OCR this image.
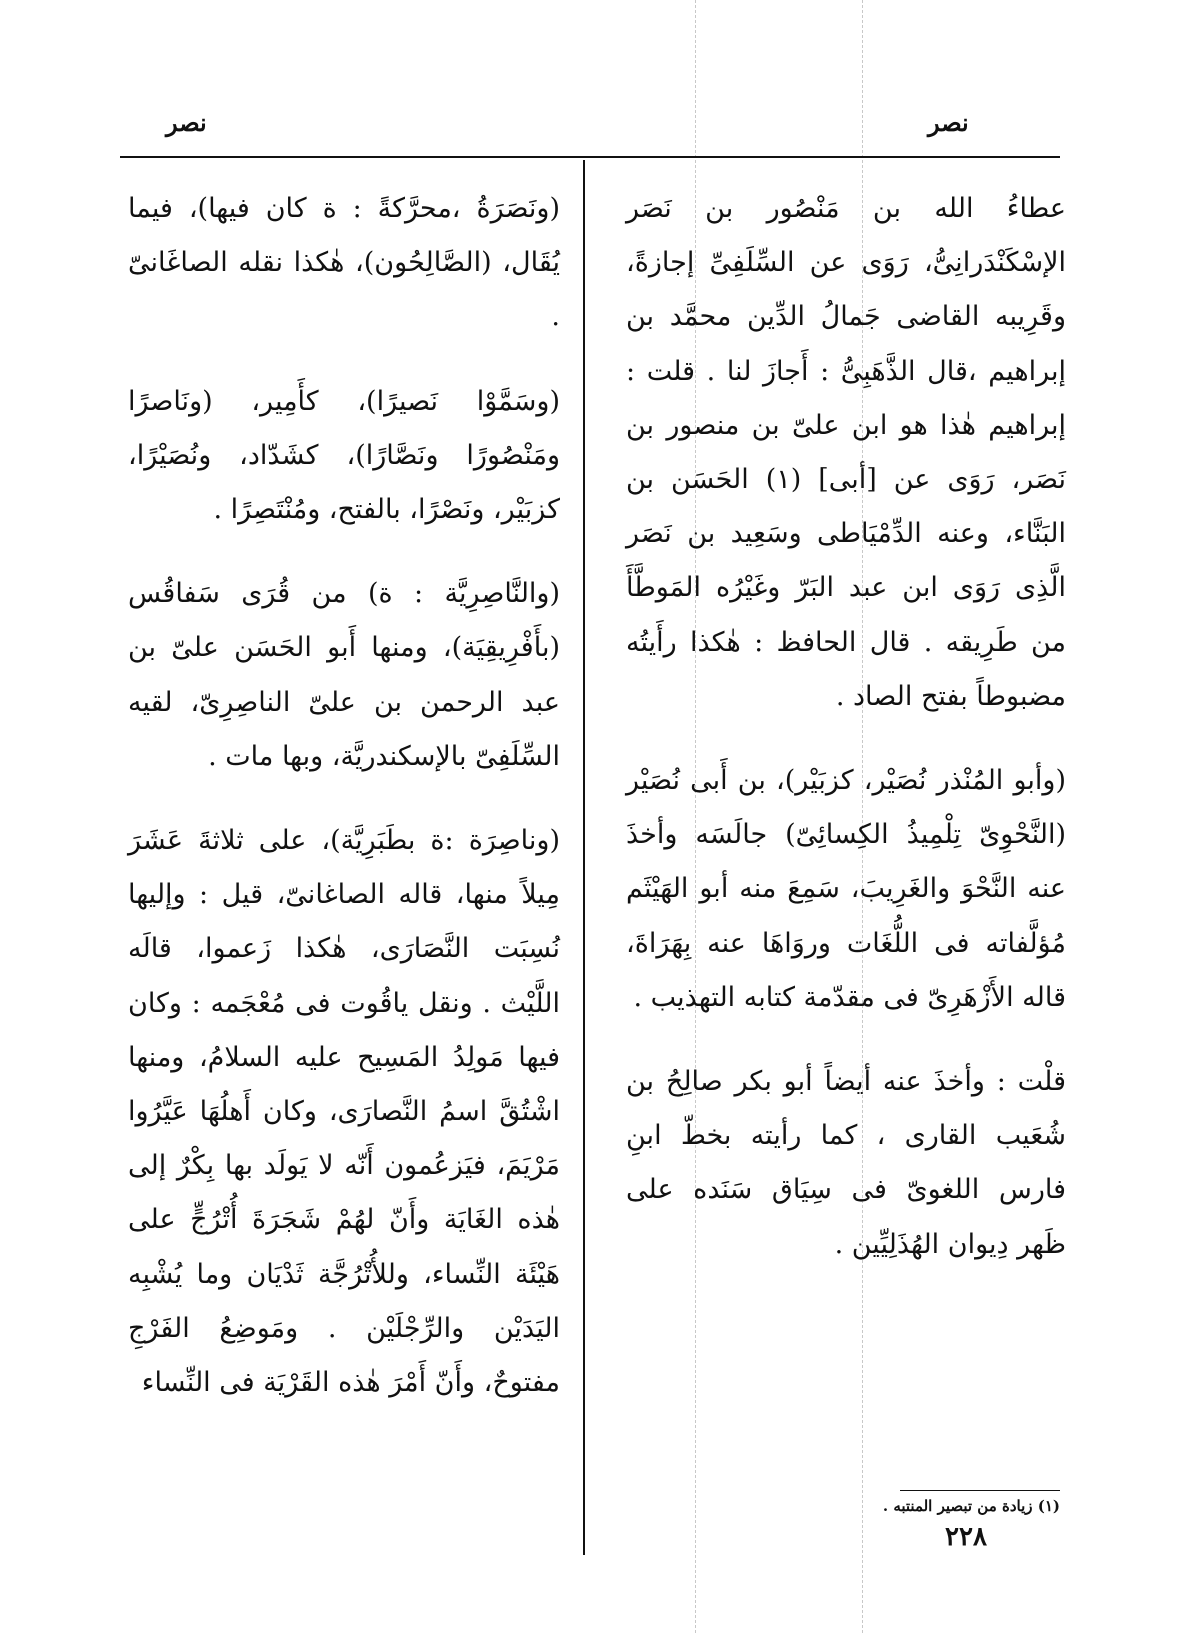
نصر
نصر

عطاءُ الله بن مَنْصُور بن نَصَر الإسْكَنْدَرانِىُّ، رَوَى عن السِّلَفِىِّ إجازةً، وقَرِيبه القاضى جَمالُ الدِّين محمَّد بن إبراهيم ،قال الذَّهَبِىُّ : أَجازَ لنا . قلت : إبراهيم هٰذا هو ابن علىّ بن منصور بن نَصَر، رَوَى عن [أبى] (١) الحَسَن بن البَنَّاء، وعنه الدِّمْيَاطى وسَعِيد بن نَصَر الَّذِى رَوَى ابن عبد البَرّ وغَيْرُه المَوطَّأَ من طَرِيقه . قال الحافظ : هٰكذا رأَيتُه مضبوطاً بفتح الصاد .

(وأبو المُنْذر نُصَيْر، كزبَيْر)، بن أَبى نُصَيْر (النَّحْوِىّ تِلْمِيذُ الكِسائِىّ) جالَسَه وأخذَ عنه النَّحْوَ والغَرِيبَ، سَمِعَ منه أبو الهَيْثَم مُؤلَّفاته فى اللُّغَات وروَاهَا عنه بِهَرَاةَ، قاله الأَزْهَرِىّ فى مقدّمة كتابه التهذيب .

قلْت : وأخذَ عنه أيضاً أبو بكر صالِحُ بن شُعَيب القارى ، كما رأيته بخطّ ابنِ فارس اللغوىّ فى سِيَاق سَنَده على ظَهر دِيوان الهُذَلِيِّين .

(ونَصَرَةُ ،محرَّكةً : ة كان فيها)، فيما يُقَال، (الصَّالِحُون)، هٰكذا نقله الصاغَانىّ .

(وسَمَّوْا نَصيرًا)، كأَمِير، (ونَاصرًا ومَنْصُورًا ونَصَّارًا)، كشَدّاد، ونُصَيْرًا، كزبَيْر، ونَصْرًا، بالفتح، ومُنْتَصِرًا .

(والنَّاصِرِيَّة : ة) من قُرَى سَفاقُس (بأَفْرِيقِيَة)، ومنها أَبو الحَسَن علىّ بن عبد الرحمن بن علىّ الناصِرِىّ، لقيه السِّلَفِىّ بالإسكندريَّة، وبها مات .

(وناصِرَة :ة بطَبَرِيَّة)، على ثلاثةَ عَشَرَ مِيلاً منها، قاله الصاغانىّ، قيل : وإليها نُسِبَت النَّصَارَى، هٰكذا زَعموا، قالَه اللَّيْث . ونقل ياقُوت فى مُعْجَمه : وكان فيها مَولِدُ المَسِيح عليه السلامُ، ومنها اشْتُقَّ اسمُ النَّصارَى، وكان أَهلُهَا عَيَّرُوا مَرْيَمَ، فيَزعُمون أَنّه لا يَولَد بها بِكْرٌ إلى هٰذه الغَايَة وأَنّ لهُمْ شَجَرَةَ أُتْرُجٍّ على هَيْئَة النِّساء، وللأُتْرُجَّة ثَدْيَان وما يُشْبِه اليَدَيْن والرِّجْلَيْن . ومَوضِعُ الفَرْجِ مفتوحٌ، وأَنّ أَمْرَ هٰذه القَرْيَة فى النِّساء

(١) زيادة من تبصير المنتبه .
٢٢٨
